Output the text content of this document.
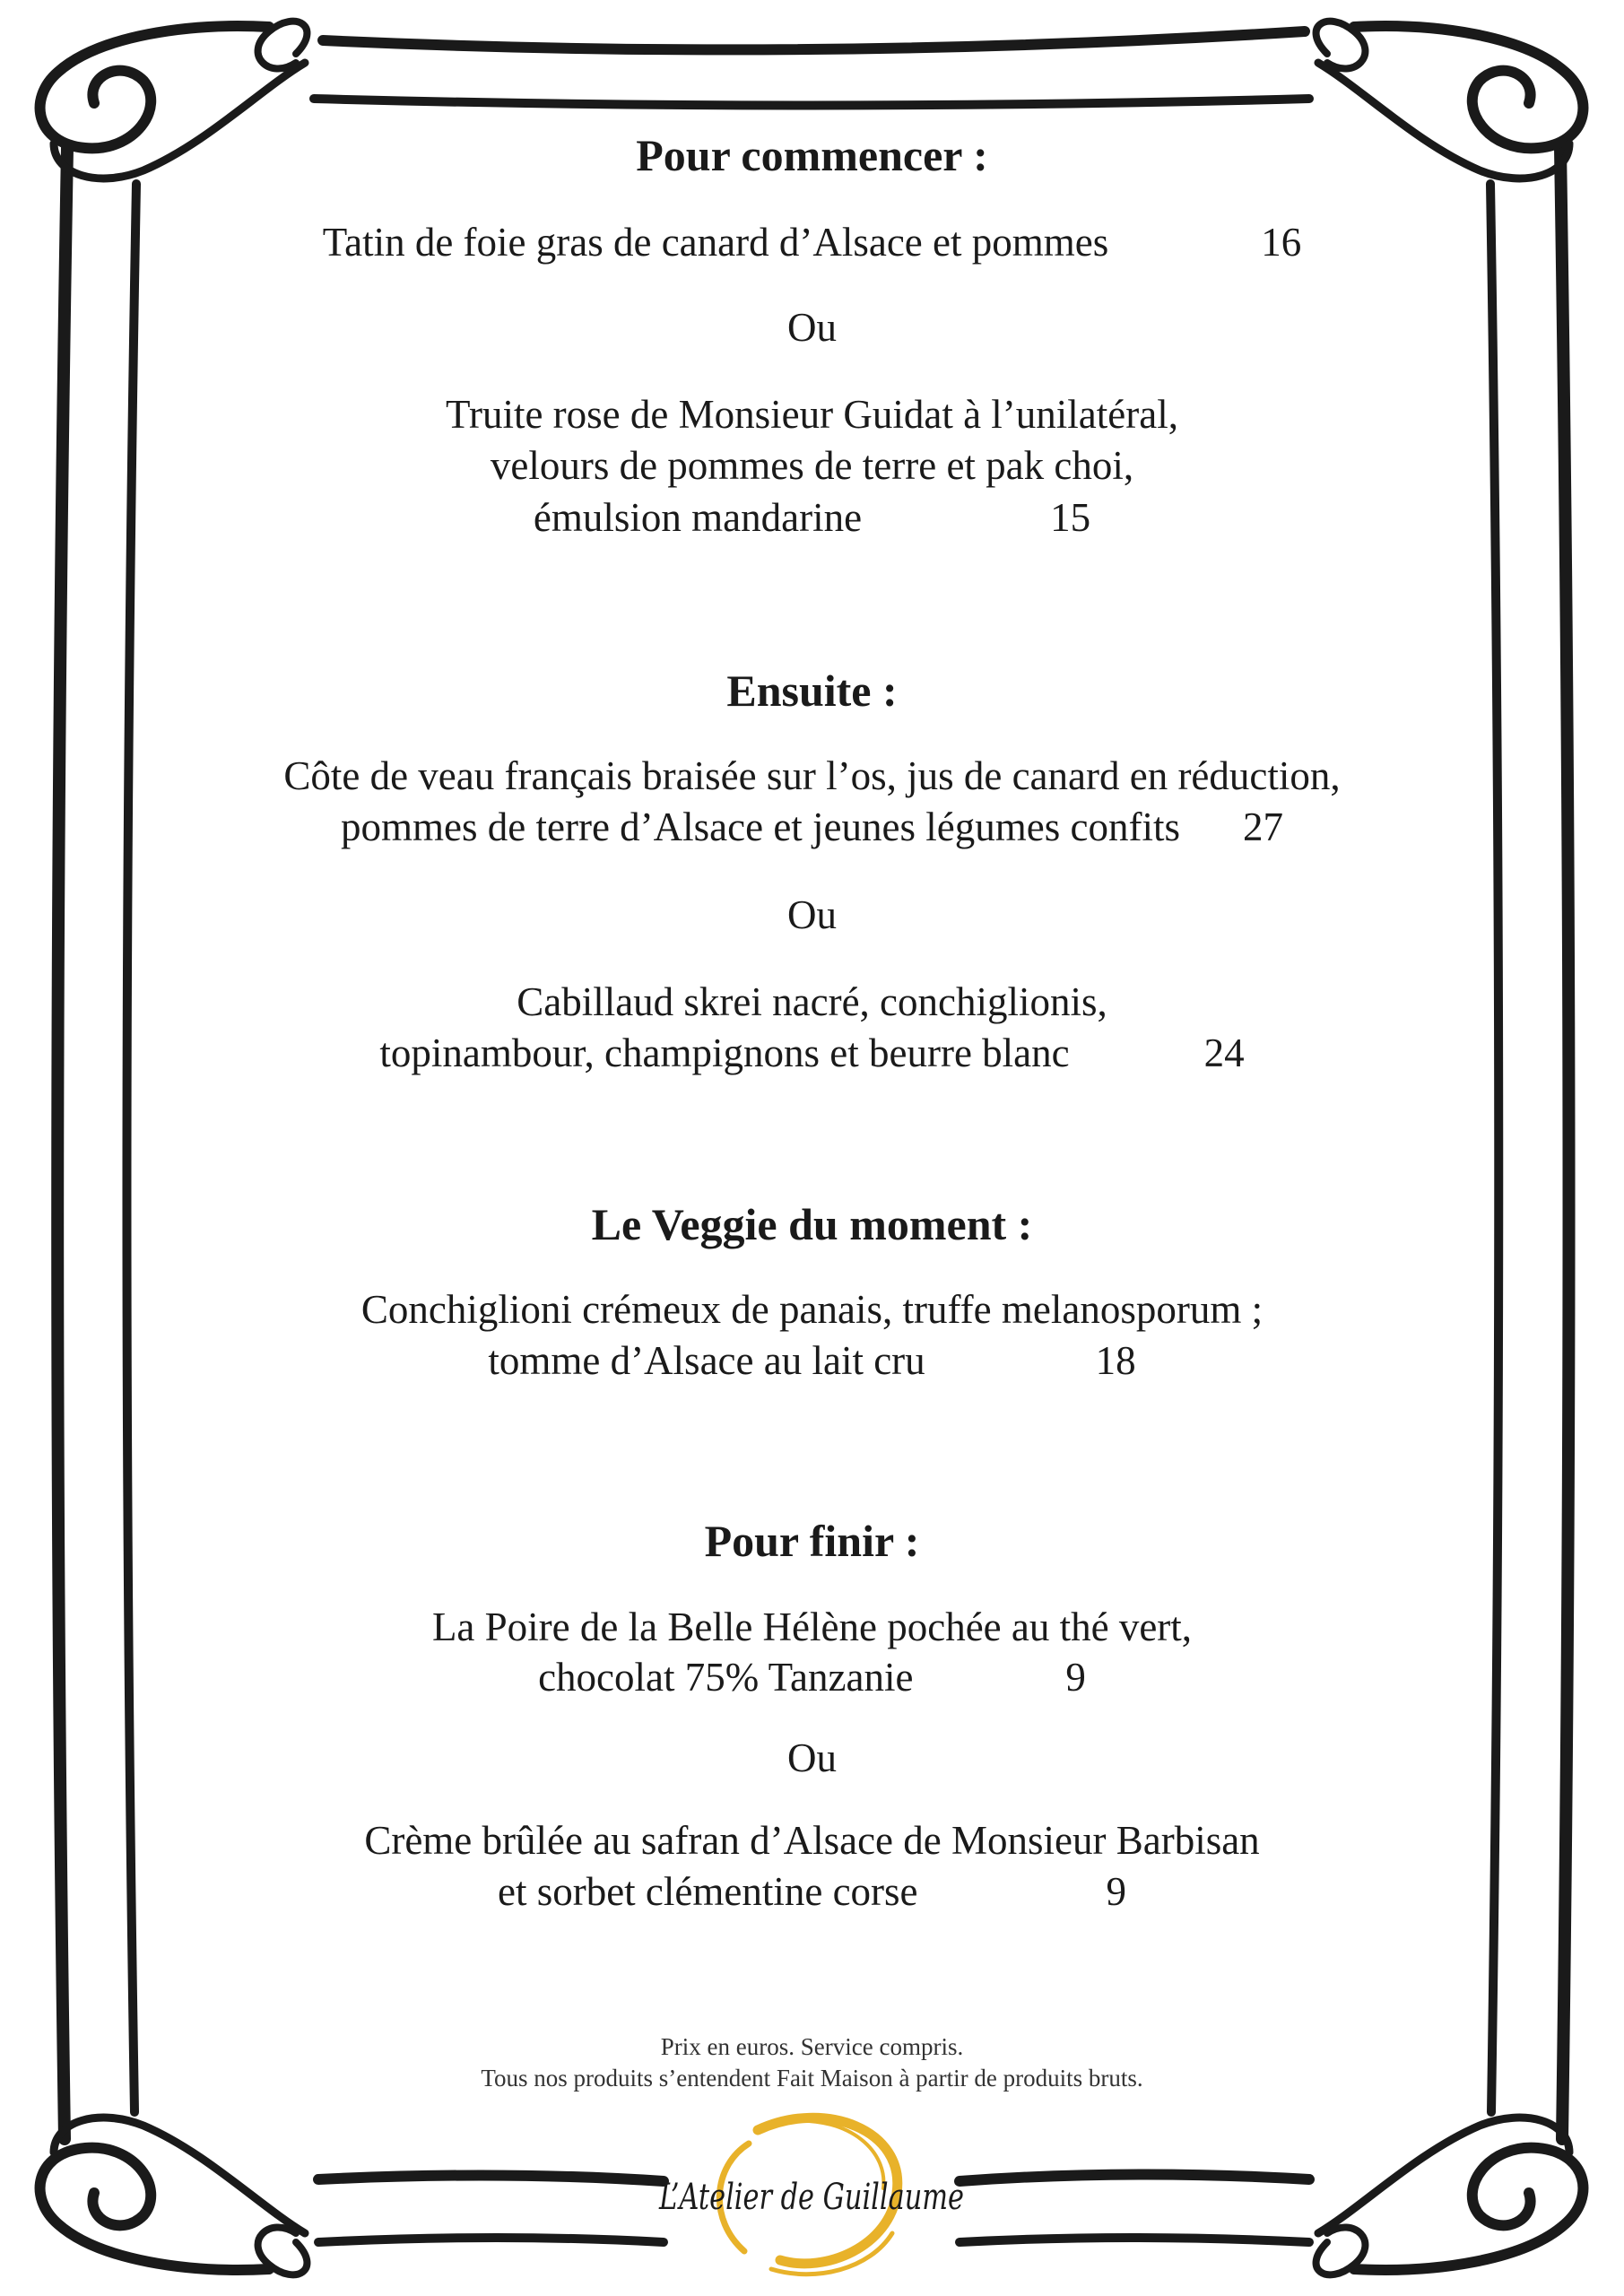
Pour commencer :
Tatin de foie gras de canard d’Alsace et pommes	16
Ou
Truite rose de Monsieur Guidat à l’unilatéral,
velours de pommes de terre et pak choi,
émulsion mandarine	15
Ensuite :
Côte de veau français braisée sur l’os, jus de canard en réduction,
pommes de terre d’Alsace et jeunes légumes confits 27
Ou
Cabillaud skrei nacré, conchiglionis,
topinambour, champignons et beurre blanc	24
Le Veggie du moment :
Conchiglioni crémeux de panais, truffe melanosporum ;
tomme d’Alsace au lait cru	18
Pour finir :
La Poire de la Belle Hélène pochée au thé vert,
chocolat 75% Tanzanie	9
Ou
Crème brûlée au safran d’Alsace de Monsieur Barbisan
et sorbet clémentine corse	9
Prix en euros. Service compris.
Tous nos produits s’entendent Fait Maison à partir de produits bruts.
L’Atelier de Guillaume
